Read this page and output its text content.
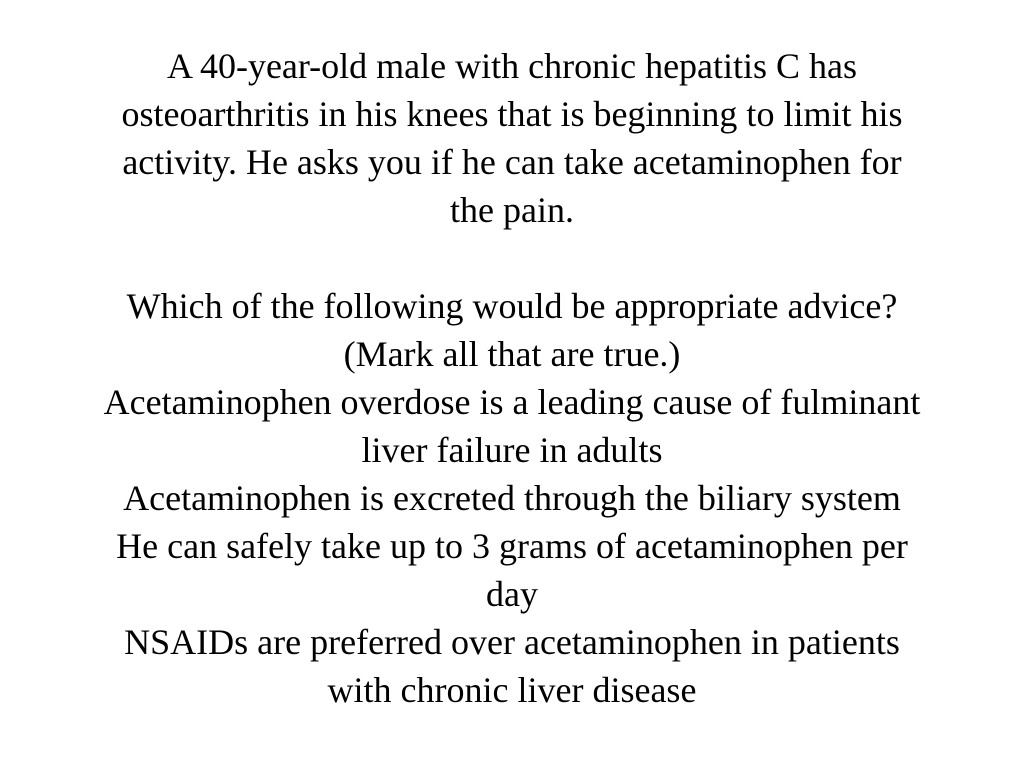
A 40-year-old male with chronic hepatitis C has osteoarthritis in his knees that is beginning to limit his activity. He asks you if he can take acetaminophen for the pain.

Which of the following would be appropriate advice? (Mark all that are true.)

Acetaminophen overdose is a leading cause of fulminant liver failure in adults
Acetaminophen is excreted through the biliary system
He can safely take up to 3 grams of acetaminophen per day
NSAIDs are preferred over acetaminophen in patients with chronic liver disease
